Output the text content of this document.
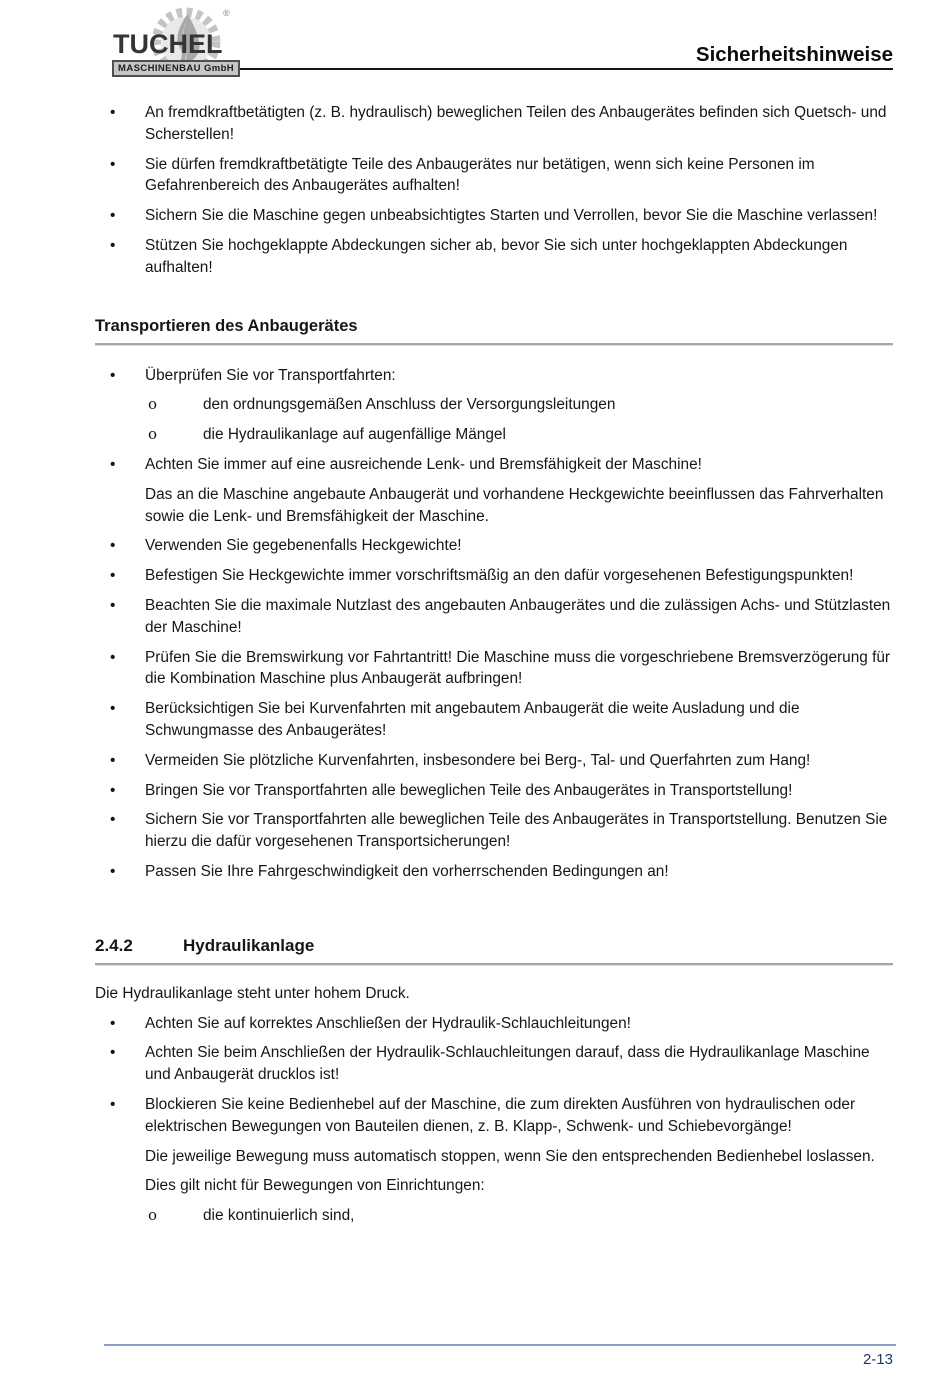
®
TUCHEL
MASCHINENBAU GmbH
Sicherheitshinweise
•	An fremdkraftbetätigten (z. B. hydraulisch) beweglichen Teilen des Anbaugerätes befinden sich Quetsch- und Scherstellen!
•	Sie dürfen fremdkraftbetätigte Teile des Anbaugerätes nur betätigen, wenn sich keine Personen im Gefahrenbereich des Anbaugerätes aufhalten!
•	Sichern Sie die Maschine gegen unbeabsichtigtes Starten und Verrollen, bevor Sie die Maschine verlassen!
•	Stützen Sie hochgeklappte Abdeckungen sicher ab, bevor Sie sich unter hochgeklappten Abdeckungen aufhalten!
Transportieren des Anbaugerätes
•	Überprüfen Sie vor Transportfahrten:
o	den ordnungsgemäßen Anschluss der Versorgungsleitungen
o	die Hydraulikanlage auf augenfällige Mängel
•	Achten Sie immer auf eine ausreichende Lenk- und Bremsfähigkeit der Maschine!
Das an die Maschine angebaute Anbaugerät und vorhandene Heckgewichte beeinflussen das Fahrverhalten sowie die Lenk- und Bremsfähigkeit der Maschine.
•	Verwenden Sie gegebenenfalls Heckgewichte!
•	Befestigen Sie Heckgewichte immer vorschriftsmäßig an den dafür vorgesehenen Befestigungspunkten!
•	Beachten Sie die maximale Nutzlast des angebauten Anbaugerätes und die zulässigen Achs- und Stützlasten der Maschine!
•	Prüfen Sie die Bremswirkung vor Fahrtantritt! Die Maschine muss die vorgeschriebene Bremsverzögerung für die Kombination Maschine plus Anbaugerät aufbringen!
•	Berücksichtigen Sie bei Kurvenfahrten mit angebautem Anbaugerät die weite Ausladung und die Schwungmasse des Anbaugerätes!
•	Vermeiden Sie plötzliche Kurvenfahrten, insbesondere bei Berg-, Tal- und Querfahrten zum Hang!
•	Bringen Sie vor Transportfahrten alle beweglichen Teile des Anbaugerätes in Transportstellung!
•	Sichern Sie vor Transportfahrten alle beweglichen Teile des Anbaugerätes in Transportstellung. Benutzen Sie hierzu die dafür vorgesehenen Transportsicherungen!
•	Passen Sie Ihre Fahrgeschwindigkeit den vorherrschenden Bedingungen an!
2.4.2	Hydraulikanlage
Die Hydraulikanlage steht unter hohem Druck.
•	Achten Sie auf korrektes Anschließen der Hydraulik-Schlauchleitungen!
•	Achten Sie beim Anschließen der Hydraulik-Schlauchleitungen darauf, dass die Hydraulikanlage Maschine und Anbaugerät drucklos ist!
•	Blockieren Sie keine Bedienhebel auf der Maschine, die zum direkten Ausführen von hydraulischen oder elektrischen Bewegungen von Bauteilen dienen, z. B. Klapp-, Schwenk- und Schiebevorgänge!
Die jeweilige Bewegung muss automatisch stoppen, wenn Sie den entsprechenden Bedienhebel loslassen.
Dies gilt nicht für Bewegungen von Einrichtungen:
o	die kontinuierlich sind,
2-13
